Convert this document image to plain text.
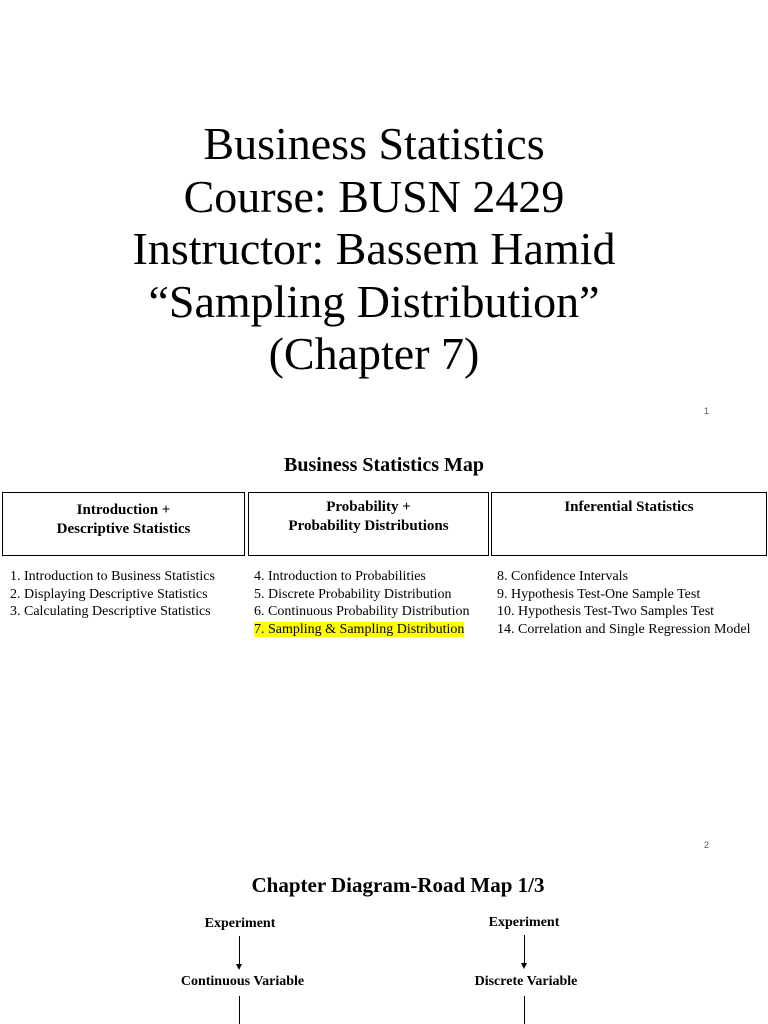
Business Statistics
Course: BUSN 2429
Instructor: Bassem Hamid
“Sampling Distribution”
(Chapter 7)
1
Business Statistics Map
Introduction +
Descriptive Statistics
Probability +
Probability Distributions
Inferential Statistics
1. Introduction to Business Statistics
2. Displaying Descriptive Statistics
3. Calculating Descriptive Statistics
4. Introduction to Probabilities
5. Discrete Probability Distribution
6. Continuous Probability Distribution
7. Sampling & Sampling Distribution
8. Confidence Intervals
9. Hypothesis Test-One Sample Test
10. Hypothesis Test-Two Samples Test
14. Correlation and Single Regression Model
2
Chapter Diagram-Road Map 1/3
Experiment
Continuous Variable
Experiment
Discrete Variable
